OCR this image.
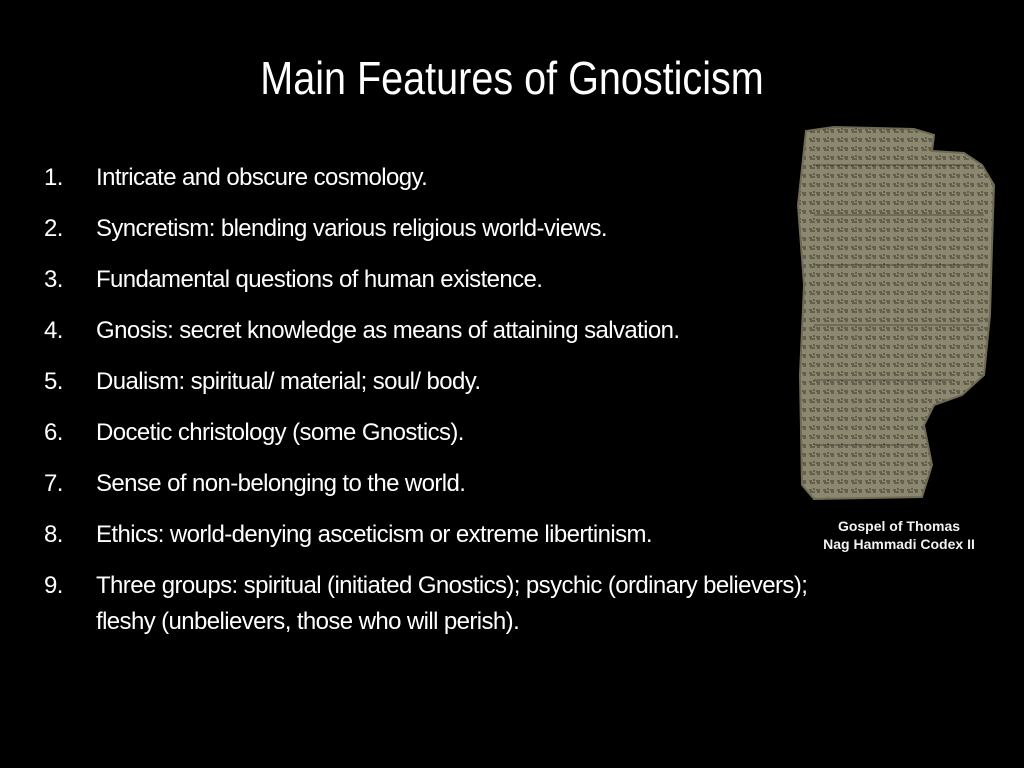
Main Features of Gnosticism
1.	Intricate and obscure cosmology.
2.	Syncretism: blending various religious world-views.
3.	Fundamental questions of human existence.
4.	Gnosis: secret knowledge as means of attaining salvation.
5.	Dualism: spiritual/ material; soul/ body.
6.	Docetic christology (some Gnostics).
7.	Sense of non-belonging to the world.
8.	Ethics: world-denying asceticism or extreme libertinism.
9.	Three groups: spiritual (initiated Gnostics); psychic (ordinary believers); fleshy (unbelievers, those who will perish).
Gospel of Thomas
Nag Hammadi Codex II
